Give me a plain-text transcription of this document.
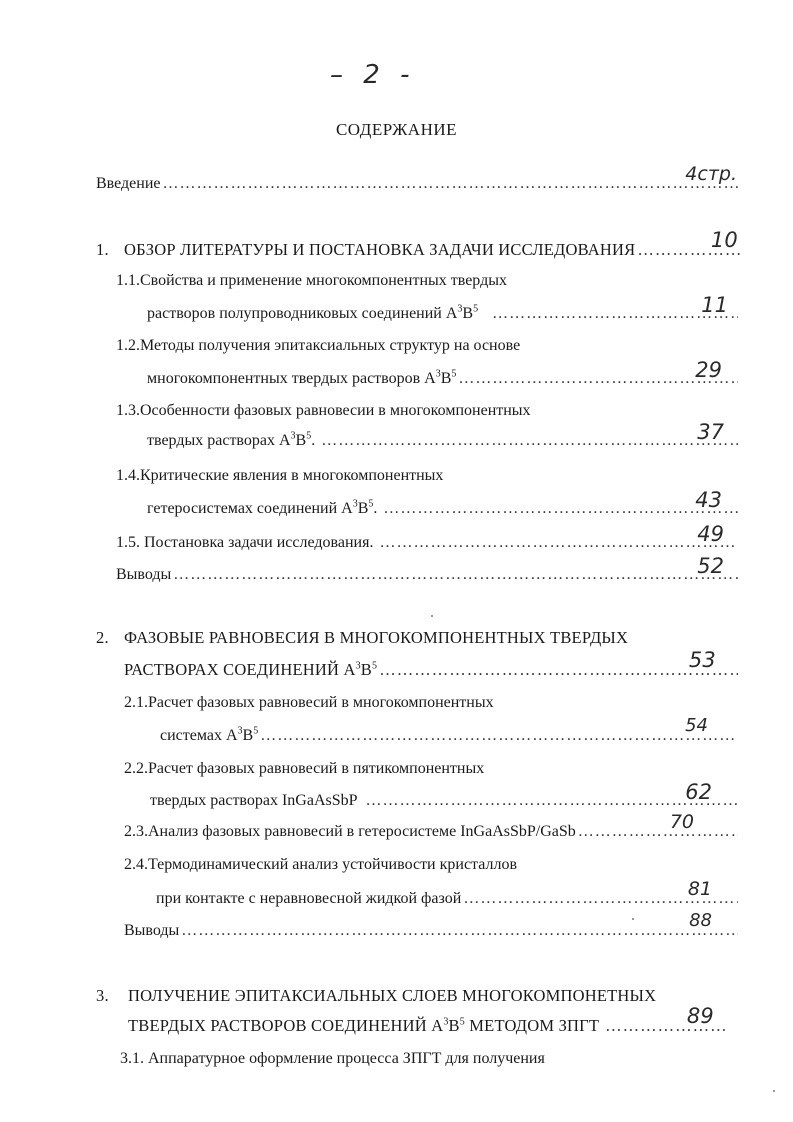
– 2 -
СОДЕРЖАНИЕ
Введение …………………………………………………………………………………………………………………………………………………………………	4стр.
1. ОБЗОР ЛИТЕРАТУРЫ И ПОСТАНОВКА ЗАДАЧИ ИССЛЕДОВАНИЯ …………………………………………………………………………………………………………………………………………………………………	10
1.1.Свойства и применение многокомпонентных твердых
растворов полупроводниковых соединений $A^3B^5$ …………………………………………………………………………………………………………………………………………………………………	11
1.2.Методы получения эпитаксиальных структур на основе
многокомпонентных твердых растворов $A^3B^5$ …………………………………………………………………………………………………………………………………………………………………	29
1.3.Особенности фазовых равновесии в многокомпонентных
твердых растворах $A^3B^5$. …………………………………………………………………………………………………………………………………………………………………	37
1.4.Критические явления в многокомпонентных
гетеросистемах соединений $A^3B^5$. …………………………………………………………………………………………………………………………………………………………………	43
1.5. Постановка задачи исследования. …………………………………………………………………………………………………………………………………………………………………	49
Выводы …………………………………………………………………………………………………………………………………………………………………	52
2. ФАЗОВЫЕ РАВНОВЕСИЯ В МНОГОКОМПОНЕНТНЫХ ТВЕРДЫХ
РАСТВОРАХ СОЕДИНЕНИЙ $A^3B^5$ …………………………………………………………………………………………………………………………………………………………………	53
2.1.Расчет фазовых равновесий в многокомпонентных
системах $A^3B^5$ …………………………………………………………………………………………………………………………………………………………………	54
2.2.Расчет фазовых равновесий в пятикомпонентных
твердых растворах InGaAsSbP …………………………………………………………………………………………………………………………………………………………………	62
2.3.Анализ фазовых равновесий в гетеросистеме InGaAsSbP/GaSb …………………………………………………………………………………………………………………………………………………………………	70
2.4.Термодинамический анализ устойчивости кристаллов
при контакте с неравновесной жидкой фазой …………………………………………………………………………………………………………………………………………………………………	81
Выводы …………………………………………………………………………………………………………………………………………………………………	88
3. ПОЛУЧЕНИЕ ЭПИТАКСИАЛЬНЫХ СЛОЕВ МНОГОКОМПОНЕТНЫХ
ТВЕРДЫХ РАСТВОРОВ СОЕДИНЕНИЙ $A^3B^5$ МЕТОДОМ ЗПГТ …………………………………………………………………………………………………………………………………………………………………	89
3.1. Аппаратурное оформление процесса ЗПГТ для получения
